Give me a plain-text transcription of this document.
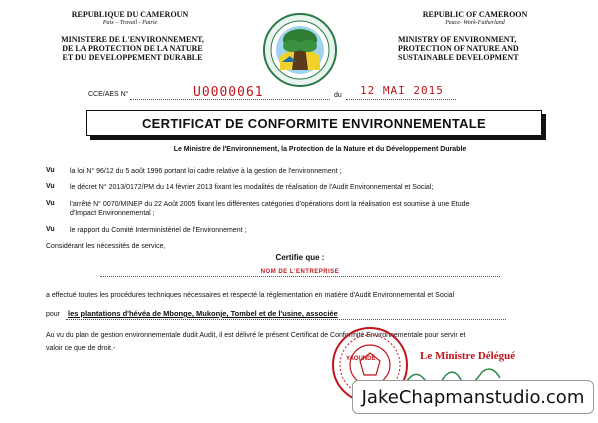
REPUBLIQUE DU CAMEROUN
Paix – Travail - Patrie
MINISTERE DE L'ENVIRONNEMENT,
DE LA PROTECTION DE LA NATURE
ET DU DEVELOPPEMENT DURABLE
REPUBLIC OF CAMEROON
Peace- Work-Fatherland
MINISTRY OF ENVIRONMENT,
PROTECTION OF NATURE AND
SUSTAINABLE DEVELOPMENT
CCE/AES N°	U0000061	du 12 MAI 2015
CERTIFICAT DE CONFORMITE ENVIRONNEMENTALE
Le Ministre de l'Environnement, la Protection de la Nature et du Développement Durable
Vu la loi N° 96/12 du 5 août 1996 portant loi cadre relative à la gestion de l'environnement ;
Vu le décret N° 2013/0172/PM du 14 février 2013 fixant les modalités de réalisation de l'Audit Environnemental et Social;
Vu l'arrêté N° 0070/MINEP du 22 Août 2005 fixant les différentes catégories d'opérations dont la réalisation est soumise à une Etude
d'Impact Environnemental ;
Vu le rapport du Comité Interministériel de l'Environnement ;
Considérant les nécessités de service,
Certifie que :
NOM DE L'ENTREPRISE
a effectué toutes les procédures techniques nécessaires et respecté la réglementation en matière d'Audit Environnemental et Social
pour les plantations d'hévéa de Mbonge, Mukonje, Tombel et de l'usine, associée
Au vu du plan de gestion environnementale dudit Audit, il est délivré le présent Certificat de Conformité Environnementale pour servir et
valoir ce que de droit.-
YAOUNDÉ	Le Ministre Délégué
JakeChapmanstudio.com
